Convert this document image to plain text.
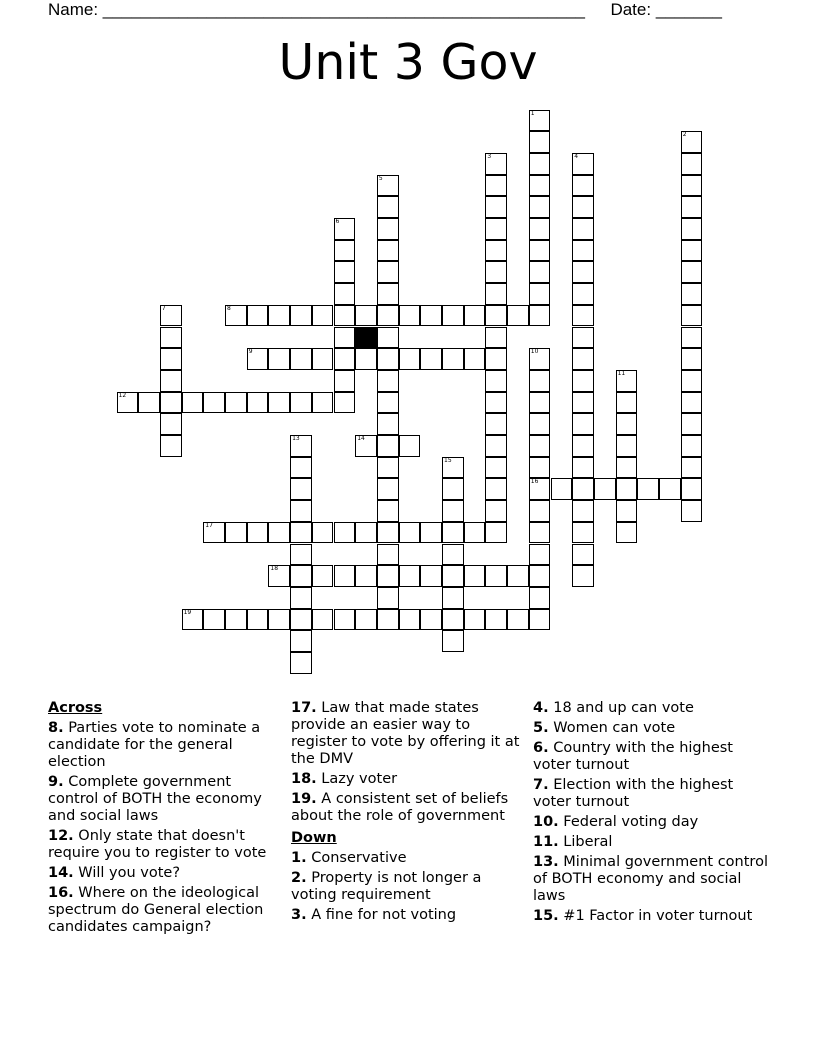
Name: ___________________________________________________ Date: _______
Unit 3 Gov
1
2
3	4
5
6
7	8
9	10
16
11
12
13	14
15
17
18
19
Across
8. Parties vote to nominate a candidate for the general election
9. Complete government control of BOTH the economy and social laws
12. Only state that doesn't require you to register to vote
14. Will you vote?
16. Where on the ideological spectrum do General election candidates campaign?
17. Law that made states provide an easier way to register to vote by offering it at the DMV
18. Lazy voter
19. A consistent set of beliefs about the role of government
Down
1. Conservative
2. Property is not longer a voting requirement
3. A fine for not voting
4. 18 and up can vote
5. Women can vote
6. Country with the highest voter turnout
7. Election with the highest voter turnout
10. Federal voting day
11. Liberal
13. Minimal government control of BOTH economy and social laws
15. #1 Factor in voter turnout
